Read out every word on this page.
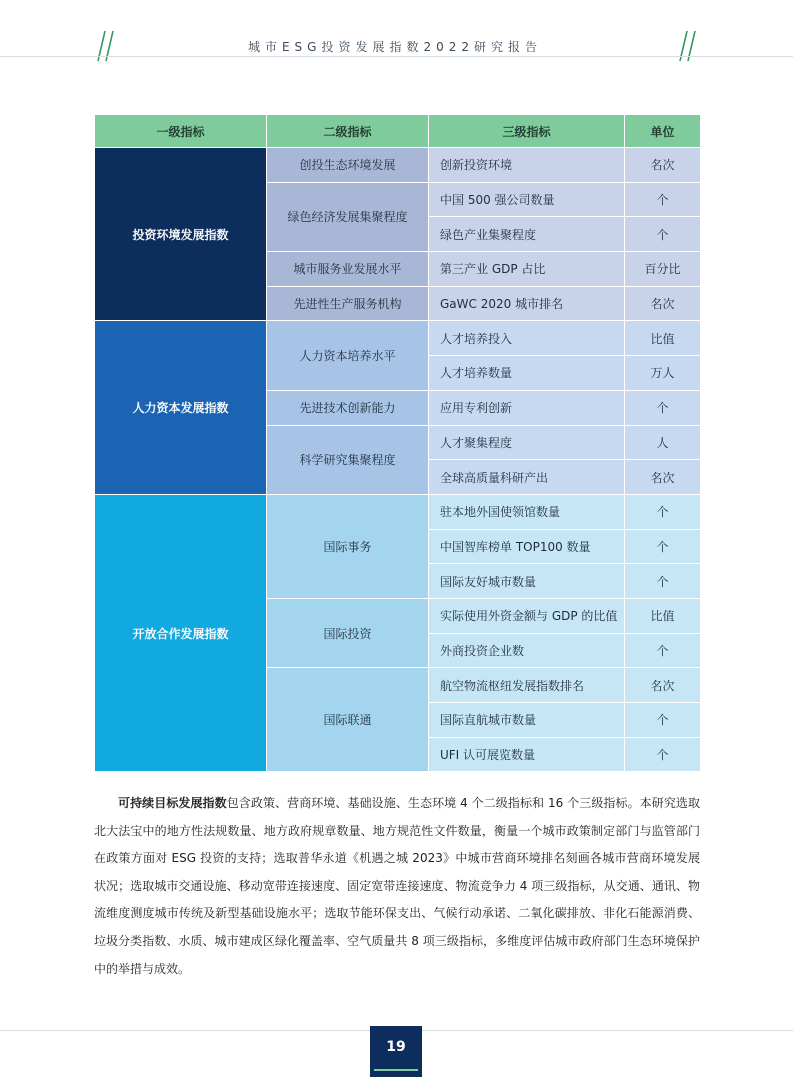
城市ESG投资发展指数2022研究报告
一级指标	二级指标	三级指标	单位
投资环境发展指数	创投生态环境发展	创新投资环境	名次
	绿色经济发展集聚程度	中国 500 强公司数量	个
		绿色产业集聚程度	个
	城市服务业发展水平	第三产业 GDP 占比	百分比
	先进性生产服务机构	GaWC 2020 城市排名	名次
人力资本发展指数	人力资本培养水平	人才培养投入	比值
		人才培养数量	万人
	先进技术创新能力	应用专利创新	个
	科学研究集聚程度	人才聚集程度	人
		全球高质量科研产出	名次
开放合作发展指数	国际事务	驻本地外国使领馆数量	个
		中国智库榜单 TOP100 数量	个
		国际友好城市数量	个
	国际投资	实际使用外资金额与 GDP 的比值	比值
		外商投资企业数	个
	国际联通	航空物流枢纽发展指数排名	名次
		国际直航城市数量	个
		UFI 认可展览数量	个

可持续目标发展指数包含政策、营商环境、基础设施、生态环境 4 个二级指标和 16 个三级指标。本研究选取北大法宝中的地方性法规数量、地方政府规章数量、地方规范性文件数量，衡量一个城市政策制定部门与监管部门在政策方面对 ESG 投资的支持；选取普华永道《机遇之城 2023》中城市营商环境排名刻画各城市营商环境发展状况；选取城市交通设施、移动宽带连接速度、固定宽带连接速度、物流竞争力 4 项三级指标，从交通、通讯、物流维度测度城市传统及新型基础设施水平；选取节能环保支出、气候行动承诺、二氧化碳排放、非化石能源消费、垃圾分类指数、水质、城市建成区绿化覆盖率、空气质量共 8 项三级指标，多维度评估城市政府部门生态环境保护中的举措与成效。

19
